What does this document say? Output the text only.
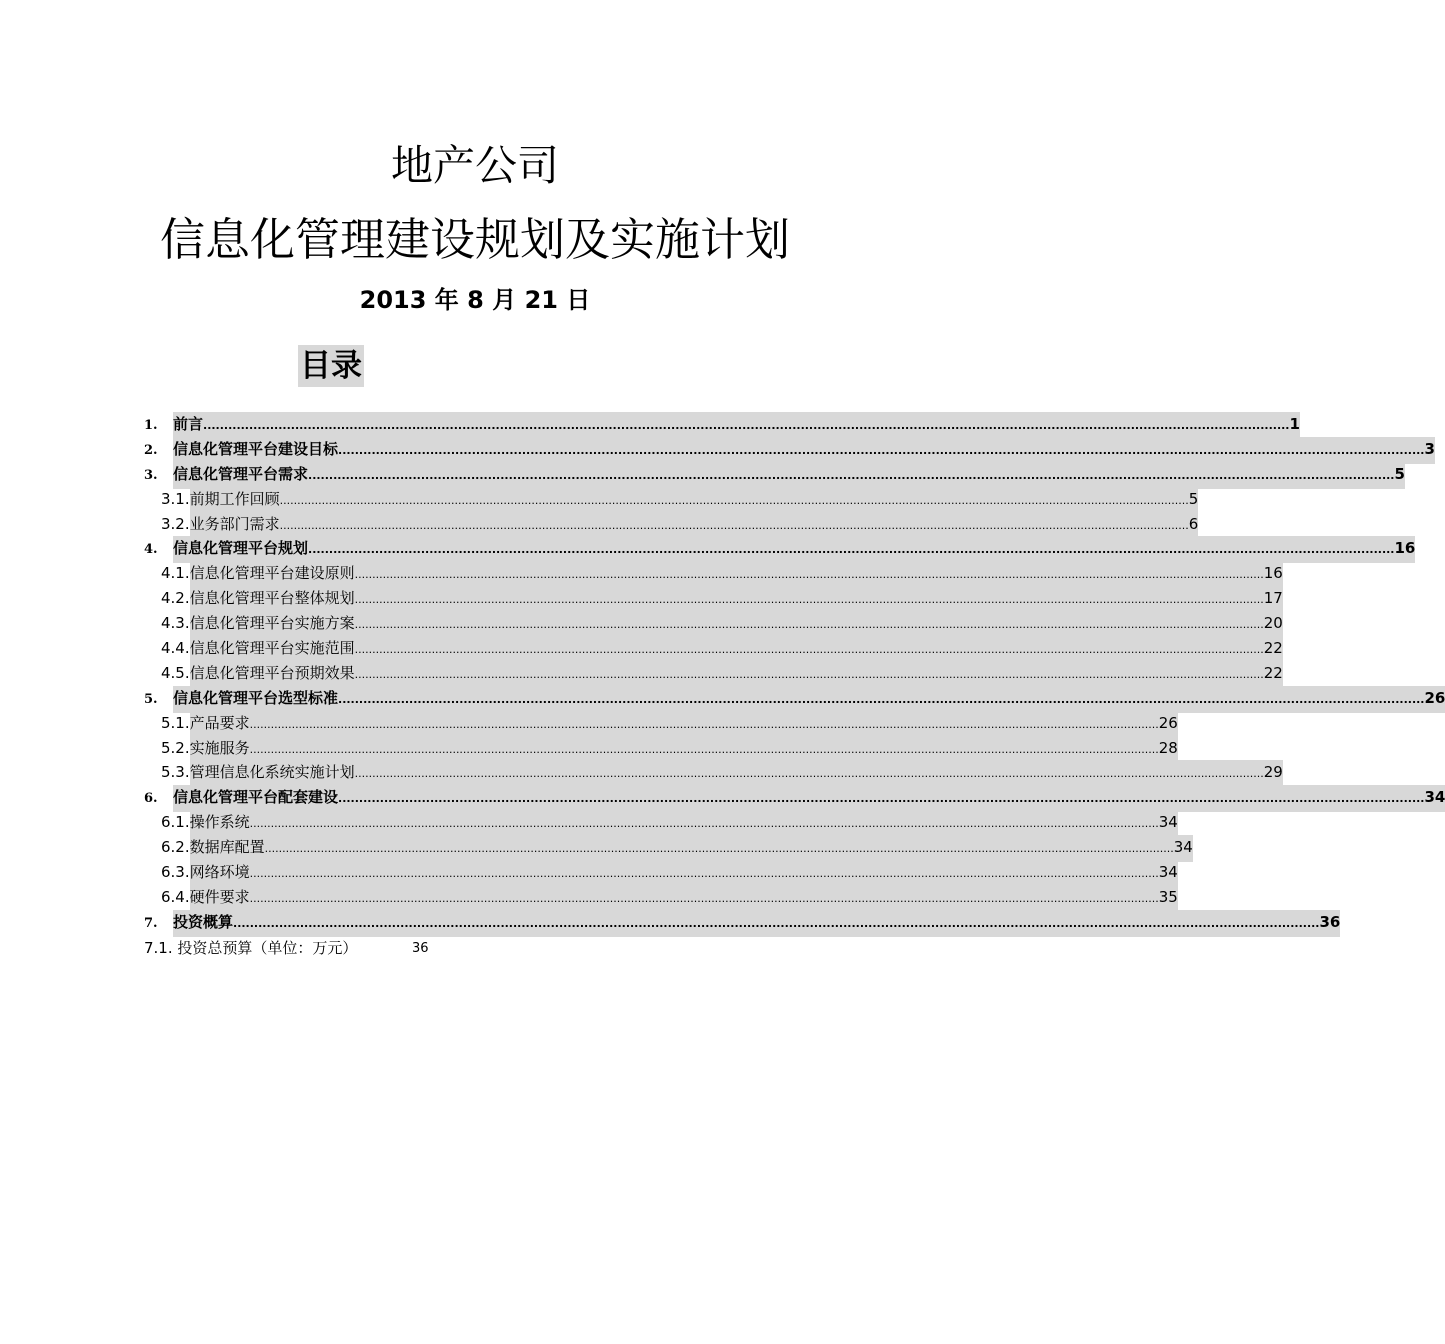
地产公司
信息化管理建设规划及实施计划
2013 年 8 月 21 日
目录
1.	前言 .................................................................................................................................................................................................................................................................... 1
2.	信息化管理平台建设目标 .................................................................................................................................................................................................................................................................... 3
3.	信息化管理平台需求 .................................................................................................................................................................................................................................................................... 5
3.1. 前期工作回顾 .................................................................................................................................................................................................................................................................... 5
3.2. 业务部门需求 .................................................................................................................................................................................................................................................................... 6
4.	信息化管理平台规划 .................................................................................................................................................................................................................................................................... 16
4.1. 信息化管理平台建设原则 .................................................................................................................................................................................................................................................................... 16
4.2. 信息化管理平台整体规划 .................................................................................................................................................................................................................................................................... 17
4.3. 信息化管理平台实施方案 .................................................................................................................................................................................................................................................................... 20
4.4. 信息化管理平台实施范围 .................................................................................................................................................................................................................................................................... 22
4.5. 信息化管理平台预期效果 .................................................................................................................................................................................................................................................................... 22
5.	信息化管理平台选型标准 .................................................................................................................................................................................................................................................................... 26
5.1. 产品要求 .................................................................................................................................................................................................................................................................... 26
5.2. 实施服务 .................................................................................................................................................................................................................................................................... 28
5.3. 管理信息化系统实施计划 .................................................................................................................................................................................................................................................................... 29
6.	信息化管理平台配套建设 .................................................................................................................................................................................................................................................................... 34
6.1. 操作系统 .................................................................................................................................................................................................................................................................... 34
6.2. 数据库配置 .................................................................................................................................................................................................................................................................... 34
6.3. 网络环境 .................................................................................................................................................................................................................................................................... 34
6.4. 硬件要求 .................................................................................................................................................................................................................................................................... 35
7.	投资概算 .................................................................................................................................................................................................................................................................... 36
7.1. 投资总预算（单位：万元）	36
